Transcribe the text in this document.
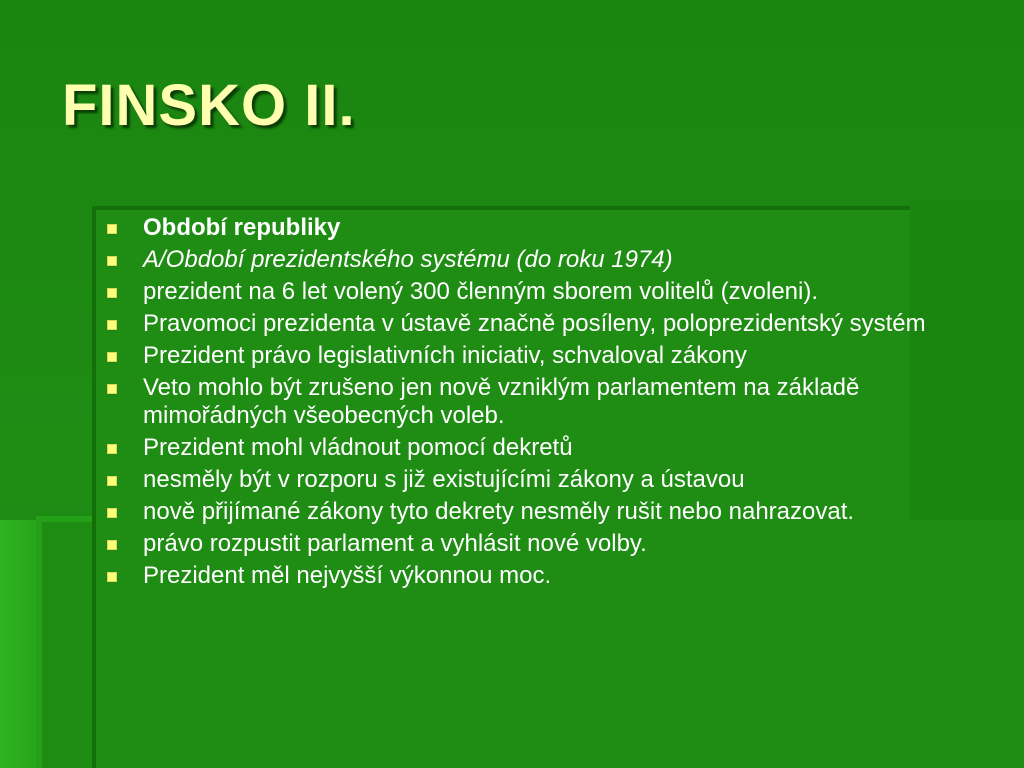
FINSKO II.
Období republiky
A/Období prezidentského systému (do roku 1974)
prezident na 6 let volený 300 členným sborem volitelů (zvoleni).
Pravomoci prezidenta v ústavě značně posíleny, poloprezidentský systém
Prezident právo legislativních iniciativ, schvaloval zákony
Veto mohlo být zrušeno jen nově vzniklým parlamentem na základě mimořádných všeobecných voleb.
Prezident mohl vládnout pomocí dekretů
nesměly být v rozporu s již existujícími zákony a ústavou
nově přijímané zákony tyto dekrety nesměly rušit nebo nahrazovat.
právo rozpustit parlament a vyhlásit nové volby.
Prezident měl nejvyšší výkonnou moc.
